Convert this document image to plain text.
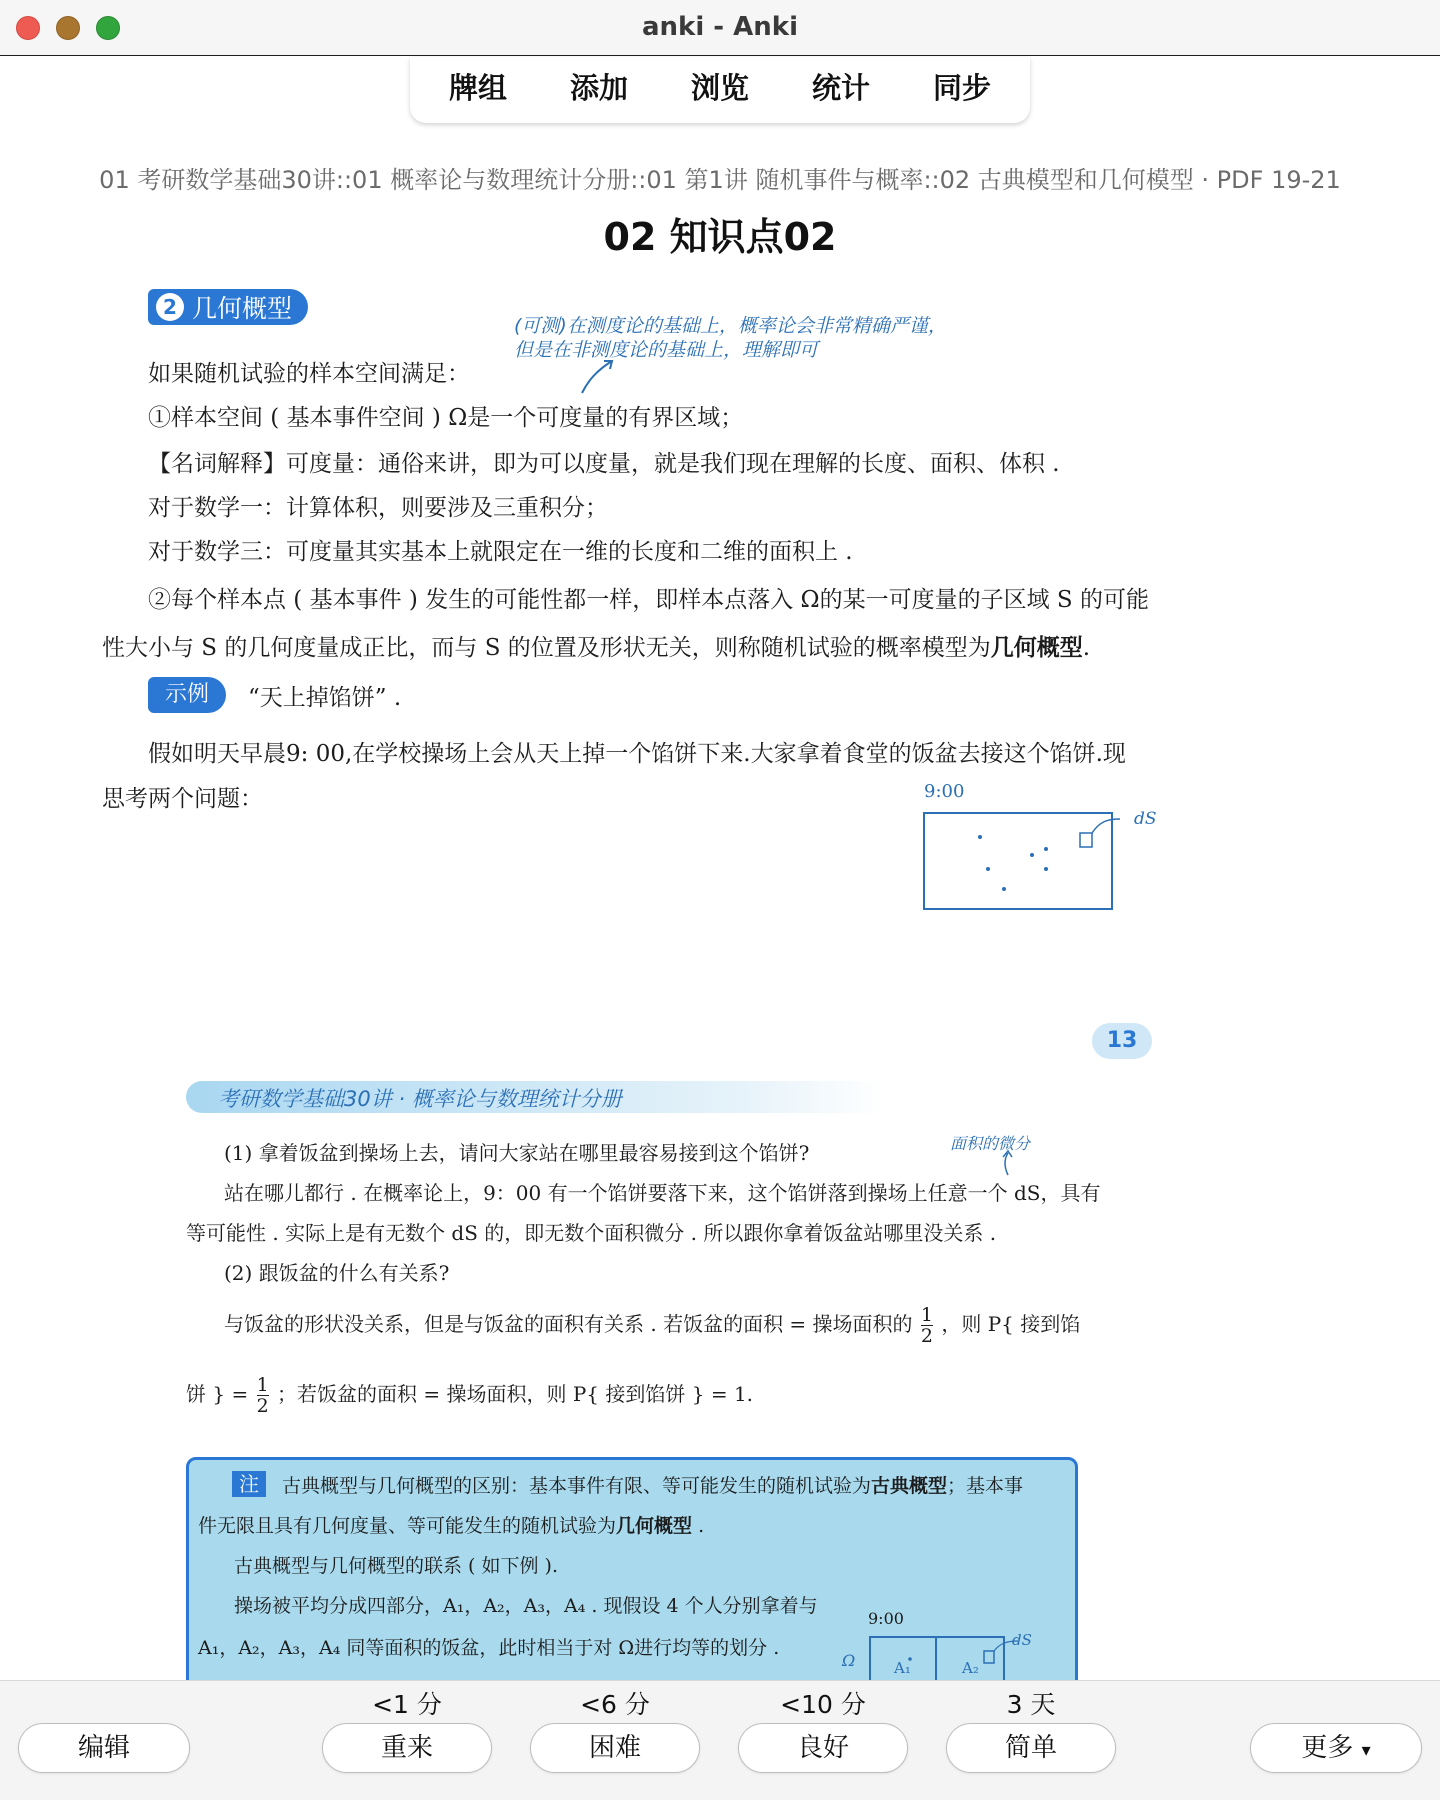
anki - Anki
牌组	添加	浏览	统计	同步
01 考研数学基础30讲::01 概率论与数理统计分册::01 第1讲 随机事件与概率::02 古典模型和几何模型 · PDF 19-21
02 知识点02
2 几何概型
(可测)在测度论的基础上，概率论会非常精确严谨，
但是在非测度论的基础上，理解即可
如果随机试验的样本空间满足：
①样本空间 ( 基本事件空间 ) Ω是一个可度量的有界区域；
【名词解释】可度量：通俗来讲，即为可以度量，就是我们现在理解的长度、面积、体积 .
对于数学一：计算体积，则要涉及三重积分；
对于数学三：可度量其实基本上就限定在一维的长度和二维的面积上 .
②每个样本点 ( 基本事件 ) 发生的可能性都一样，即样本点落入 Ω的某一可度量的子区域 S 的可能
性大小与 S 的几何度量成正比，而与 S 的位置及形状无关，则称随机试验的概率模型为几何概型.
示例	“天上掉馅饼” .
假如明天早晨9: 00,在学校操场上会从天上掉一个馅饼下来.大家拿着食堂的饭盆去接这个馅饼.现
思考两个问题：	9:00
dS
13
考研数学基础30讲 · 概率论与数理统计分册
面积的微分
(1) 拿着饭盆到操场上去，请问大家站在哪里最容易接到这个馅饼?
站在哪儿都行 . 在概率论上，9：00 有一个馅饼要落下来，这个馅饼落到操场上任意一个 dS，具有
等可能性 . 实际上是有无数个 dS 的，即无数个面积微分 . 所以跟你拿着饭盆站哪里没关系 .
(2) 跟饭盆的什么有关系?
与饭盆的形状没关系，但是与饭盆的面积有关系 . 若饭盆的面积 = 操场面积的 $\frac{1}{2}$ ，则 P{ 接到馅
饼 } = $\frac{1}{2}$ ；若饭盆的面积 = 操场面积，则 P{ 接到馅饼 } = 1.
注	古典概型与几何概型的区别：基本事件有限、等可能发生的随机试验为古典概型；基本事
件无限且具有几何度量、等可能发生的随机试验为几何概型 .
古典概型与几何概型的联系 ( 如下例 ).
操场被平均分成四部分，A₁，A₂，A₃，A₄ . 现假设 4 个人分别拿着与
A₁，A₂，A₃，A₄ 同等面积的饭盆，此时相当于对 Ω进行均等的划分 .
9:00
Ω	A₁	A₂
dS
编辑
<1 分
重来
<6 分
困难
<10 分
良好
3 天
简单	更多 ▾
